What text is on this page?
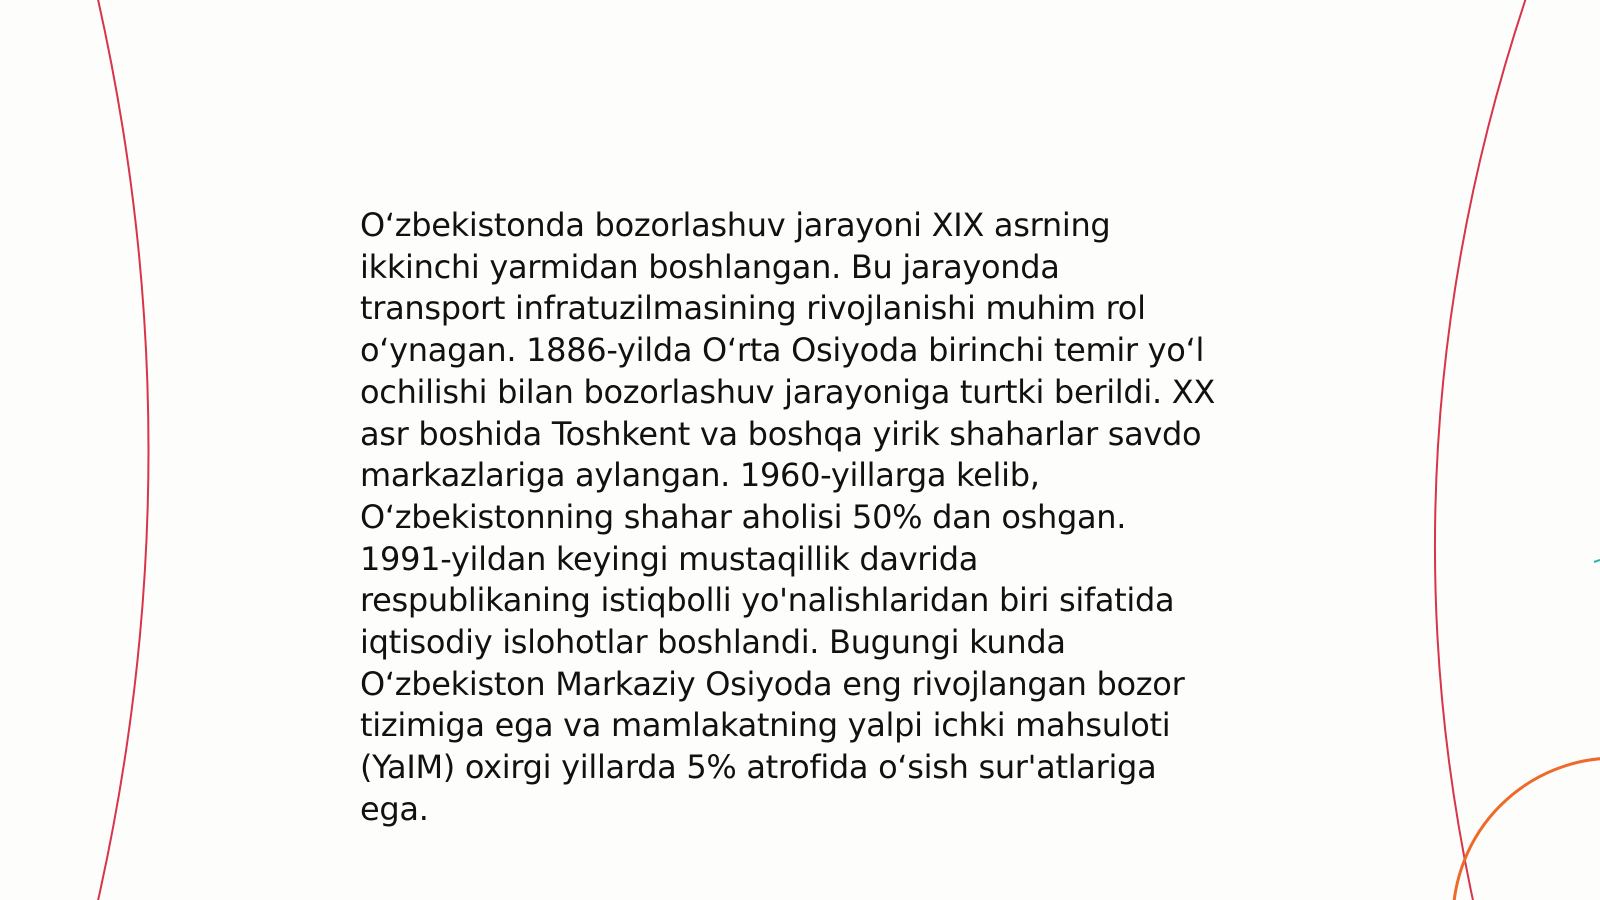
O‘zbekistonda bozorlashuv jarayoni XIX asrning
ikkinchi yarmidan boshlangan. Bu jarayonda
transport infratuzilmasining rivojlanishi muhim rol
o‘ynagan. 1886-yilda O‘rta Osiyoda birinchi temir yo‘l
ochilishi bilan bozorlashuv jarayoniga turtki berildi. XX
asr boshida Toshkent va boshqa yirik shaharlar savdo
markazlariga aylangan. 1960-yillarga kelib,
O‘zbekistonning shahar aholisi 50% dan oshgan.
1991-yildan keyingi mustaqillik davrida
respublikaning istiqbolli yo'nalishlaridan biri sifatida
iqtisodiy islohotlar boshlandi. Bugungi kunda
O‘zbekiston Markaziy Osiyoda eng rivojlangan bozor
tizimiga ega va mamlakatning yalpi ichki mahsuloti
(YaIM) oxirgi yillarda 5% atrofida o‘sish sur'atlariga
ega.
